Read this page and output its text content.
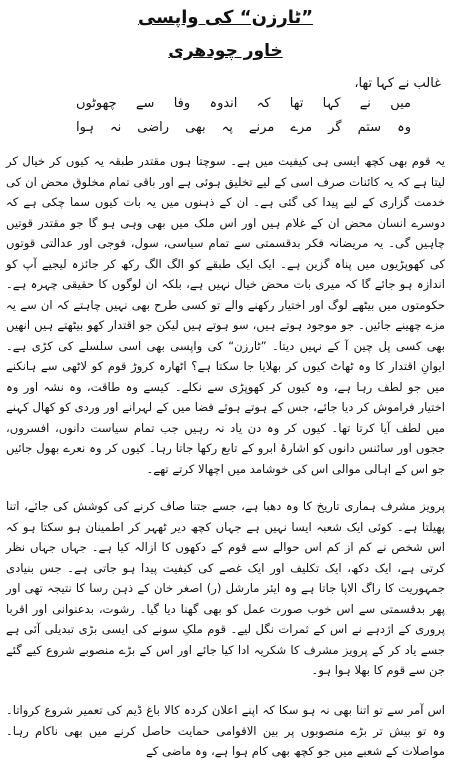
”ٹارزن“ کی واپسی
خاور چودھری
غالب نے کہا تھا،
میں نے کہا تھا کہ اندوہ وفا سے چھوٹوں
وہ ستم گر مرے مرنے پہ بھی راضی نہ ہوا

یہ قوم بھی کچھ ایسی ہی کیفیت میں ہے۔ سوچتا ہوں مقتدر طبقہ یہ کیوں کر خیال کر لیتا ہے کہ یہ کائنات صرف اسی کے لیے تخلیق ہوئی ہے اور باقی تمام مخلوق محض ان کی خدمت گزاری کے لیے پیدا کی گئی ہے۔ ان کے ذہنوں میں یہ بات کیوں سما چکی ہے کہ دوسرے انسان محض ان کے غلام ہیں اور اس ملک میں بھی وہی ہو گا جو مقتدر قوتیں چاہیں گی۔ یہ مریضانہ فکر بدقسمتی سے تمام سیاسی، سول، فوجی اور عدالتی قوتوں کی کھوپڑیوں میں پناہ گزین ہے۔ ایک ایک طبقے کو الگ الگ رکھ کر جائزہ لیجیے آپ کو اندازہ ہو جائے گا کہ میری بات محض خیال نہیں ہے، بلکہ ان لوگوں کا حقیقی چہرہ ہے۔ حکومتوں میں بیٹھے لوگ اور اختیار رکھنے والے تو کسی طرح بھی نہیں چاہتے کہ ان سے یہ مزے چھینے جائیں۔ جو موجود ہوتے ہیں، سو ہوتے ہیں لیکن جو اقتدار کھو بیٹھتے ہیں انھیں بھی کسی پل چین آ کے نہیں دیتا۔ ”ٹارزن“ کی واپسی بھی اسی سلسلے کی کڑی ہے۔ ایوانِ اقتدار کا وہ ٹھاٹ کیوں کر بھلایا جا سکتا ہے؟ اٹھارہ کروڑ قوم کو لاٹھی سے ہانکنے میں جو لطف رہا ہے، وہ کیوں کر کھوپڑی سے نکلے۔ کیسے وہ طاقت، وہ نشہ اور وہ اختیار فراموش کر دیا جائے، جس کے ہوتے ہوئے فضا میں کے لہرانے اور وردی کو کھال کہنے میں لطف آیا کرتا تھا۔ کیوں کر وہ دن یاد نہ رہیں جب تمام سیاست دانوں، افسروں، ججوں اور سائنس دانوں کو اشارۂ ابرو کے تابع رکھا جاتا رہا۔ کیوں کر وہ نعرے بھول جائیں جو اس کے اہالی موالی اس کی خوشامد میں اچھالا کرتے تھے۔

پرویز مشرف ہماری تاریخ کا وہ دھبا ہے، جسے جتنا صاف کرنے کی کوشش کی جائے، اتنا پھیلتا ہے۔ کوئی ایک شعبہ ایسا نہیں ہے جہاں کچھ دیر ٹھہر کر اطمینان ہو سکتا ہو کہ اس شخص نے کم از کم اس حوالے سے قوم کے دکھوں کا ازالہ کیا ہے۔ جہاں جہاں نظر کرتی ہے، ایک دکھ، ایک تکلیف اور ایک غصے کی کیفیت پیدا ہو جاتی ہے۔ جس بنیادی جمہوریت کا راگ الاپا جاتا ہے وہ ایئر مارشل (ر) اصغر خان کے ذہن رسا کا نتیجہ تھی اور پھر بدقسمتی سے اس خوب صورت عمل کو بھی گھنا دیا گیا۔ رشوت، بدعنوانی اور اقربا پروری کے اژدہے نے اس کے ثمرات نگل لیے۔ قوم ملکِ سونے کی ایسی بڑی تبدیلی آئی ہے جسے یاد کر کے پرویز مشرف کا شکریہ ادا کیا جائے اور اس کے بڑے منصوبے شروع کیے گئے جن سے قوم کا بھلا ہوا ہو۔

اس آمر سے تو اتنا بھی نہ ہو سکا کہ اپنے اعلان کردہ کالا باغ ڈیم کی تعمیر شروع کرواتا۔ وہ تو بیش تر بڑے منصوبوں پر بین الاقوامی حمایت حاصل کرنے میں بھی ناکام رہا۔ مواصلات کے شعبے میں جو کچھ بھی کام ہوا ہے، وہ ماضی کے
